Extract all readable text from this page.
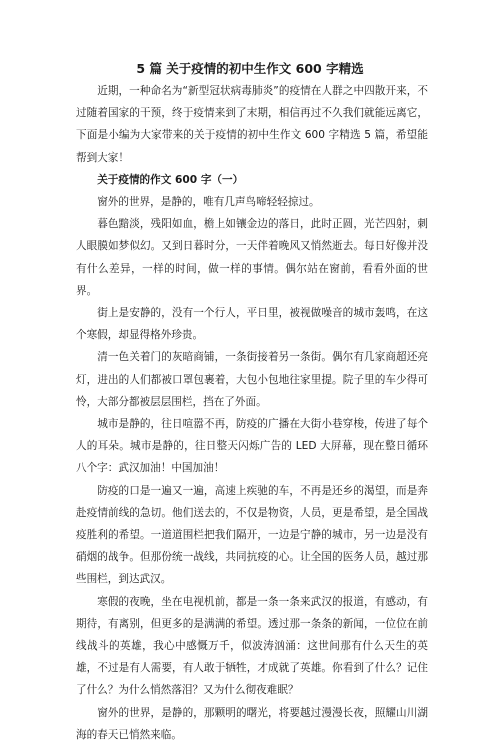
5 篇 关于疫情的初中生作文 600 字精选

近期，一种命名为“新型冠状病毒肺炎”的疫情在人群之中四散开来，不过随着国家的干预，终于疫情来到了末期，相信再过不久我们就能远离它，下面是小编为大家带来的关于疫情的初中生作文 600 字精选 5 篇，希望能帮到大家！

关于疫情的作文 600 字（一）

窗外的世界，是静的，唯有几声鸟啼轻轻掠过。

暮色黯淡，残阳如血，檐上如镶金边的落日，此时正圆，光芒四射，刺人眼膜如梦似幻。又到日暮时分，一天伴着晚风又悄然逝去。每日好像并没有什么差异，一样的时间，做一样的事情。偶尔站在窗前，看看外面的世界。

街上是安静的，没有一个行人，平日里，被视做噪音的城市轰鸣，在这个寒假，却显得格外珍贵。

清一色关着门的灰暗商铺，一条街接着另一条街。偶尔有几家商超还亮灯，进出的人们都被口罩包裹着，大包小包地往家里提。院子里的车少得可怜，大部分都被层层围栏，挡在了外面。

城市是静的，往日喧嚣不再，防疫的广播在大街小巷穿梭，传进了每个人的耳朵。城市是静的，往日整天闪烁广告的 LED 大屏幕，现在整日循环八个字：武汉加油！中国加油！

防疫的口是一遍又一遍，高速上疾驰的车，不再是还乡的渴望，而是奔赴疫情前线的急切。他们送去的，不仅是物资，人员，更是希望，是全国战疫胜利的希望。一道道围栏把我们隔开，一边是宁静的城市，另一边是没有硝烟的战争。但那份统一战线，共同抗疫的心。让全国的医务人员，越过那些围栏，到达武汉。

寒假的夜晚，坐在电视机前，都是一条一条来武汉的报道，有感动，有期待，有离别，但更多的是满满的希望。透过那一条条的新闻，一位位在前线战斗的英雄，我心中感慨万千，似波涛汹涌：这世间那有什么天生的英雄，不过是有人需要，有人敢于牺牲，才成就了英雄。你看到了什么？记住了什么？为什么悄然落泪？又为什么彻夜难眠？

窗外的世界，是静的，那颗明的曙光，将要越过漫漫长夜，照耀山川湖海的春天已悄然来临。
